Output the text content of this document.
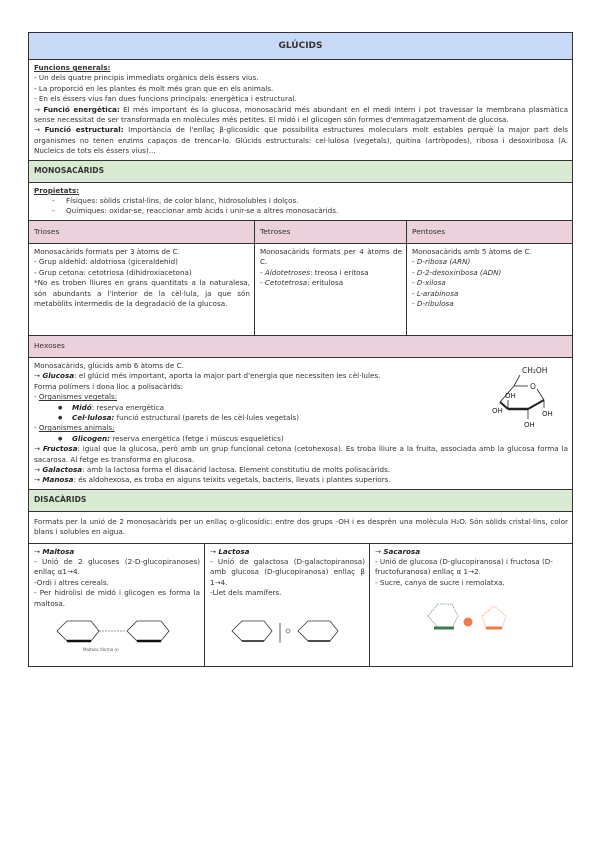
GLÚCIDS
Funcions generals:
- Un dels quatre principis immediats orgànics dels éssers vius.
- La proporció en les plantes és molt més gran que en els animals.
- En els éssers vius fan dues funcions principals: energètica i estructural.
→ Funció energètica: El més important és la glucosa, monosacàrid més abundant en el medi intern i pot travessar la membrana plasmàtica sense necessitat de ser transformada en molècules més petites. El midó i el glicogen són formes d'emmagatzemament de glucosa.
→ Funció estructural: Importància de l'enllaç β-glicosídic que possibilita estructures moleculars molt estables perquè la major part dels organismes no tenen enzims capaços de trencar-lo. Glúcids estructurals: cel·lulosa (vegetals), quitina (artròpodes), ribosa i desoxiribosa (A. Nucleics de tots els éssers vius)...
MONOSACÀRIDS
Propietats:
- Físiques: sòlids cristal·lins, de color blanc, hidrosolubles i dolços.
- Químiques: oxidar-se, reaccionar amb àcids i unir-se a altres monosacàrids.
Trioses	Tetroses	Pentoses
Monosacàrids formats per 3 àtoms de C.
- Grup aldehid: aldotriosa (giceraldehid)
- Grup cetona: cetotriosa (dihidroxiacetona)
*No es troben lliures en grans quantitats a la naturalesa, són abundants a l'interior de la cèl·lula, ja que són metabòlits intermedis de la degradació de la glucosa.
Monosacàrids formats per 4 àtoms de C.
- Aldotetroses: treosa i eritosa
- Cetotetrosa: eritulosa
Monosacàrids amb 5 àtoms de C.
- D-ribosa (ARN)
- D-2-desoxiribosa (ADN)
- D-xilosa
- L-arabinosa
- D-ribulosa
Hexoses
CH₂OH
O
OH
OH
OH
OH
Monosacàrids, glúcids amb 6 àtoms de C.
→ Glucosa: el glúcid més important, aporta la major part d'energia que necessiten les cèl·lules.
Forma polímers i dona lloc a polisacàrids:
- Organismes vegetals:
● Midó: reserva energètica
● Cel·lulosa: funció estructural (parets de les cèl·lules vegetals)
- Organismes animals:
● Glicogen: reserva energètica (fetge i múscus esquelètics)
→ Fructosa: igual que la glucosa, però amb un grup funcional cetona (cetohexosa). Es troba lliure a la fruita, associada amb la glucosa forma la sacarosa. Al fetge es transforma en glucosa.
→ Galactosa: amb la lactosa forma el disacàrid lactosa. Element constitutiu de molts polisacàrids.
→ Manosa: és aldohexosa, es troba en alguns teixits vegetals, bacteris, llevats i plantes superiors.
DISACÀRIDS
Formats per la unió de 2 monosacàrids per un enllaç o-glicosídic: entre dos grups -OH i es desprèn una molècula H₂O. Són sòlids cristal·lins, color blans i solubles en aigua.
→ Maltosa
- Unió de 2 glucoses (2-D-glucopiranoses) enllaç α1→4.
-Ordi i altres cereals.
- Per hidròlisi de midó i glicogen es forma la maltosa.
Maltosa (forma α)
→ Lactosa
- Unió de galactosa (D-galactopiranosa) amb glucosa (D-glucopiranosa) enllaç β 1→4.
-Llet dels mamífers.
→ Sacarosa
- Unió de glucosa (D-glucopiranosa) i fructosa (D-fructofuranosa) enllaç α 1→2.
- Sucre, canya de sucre i remolatxa.
